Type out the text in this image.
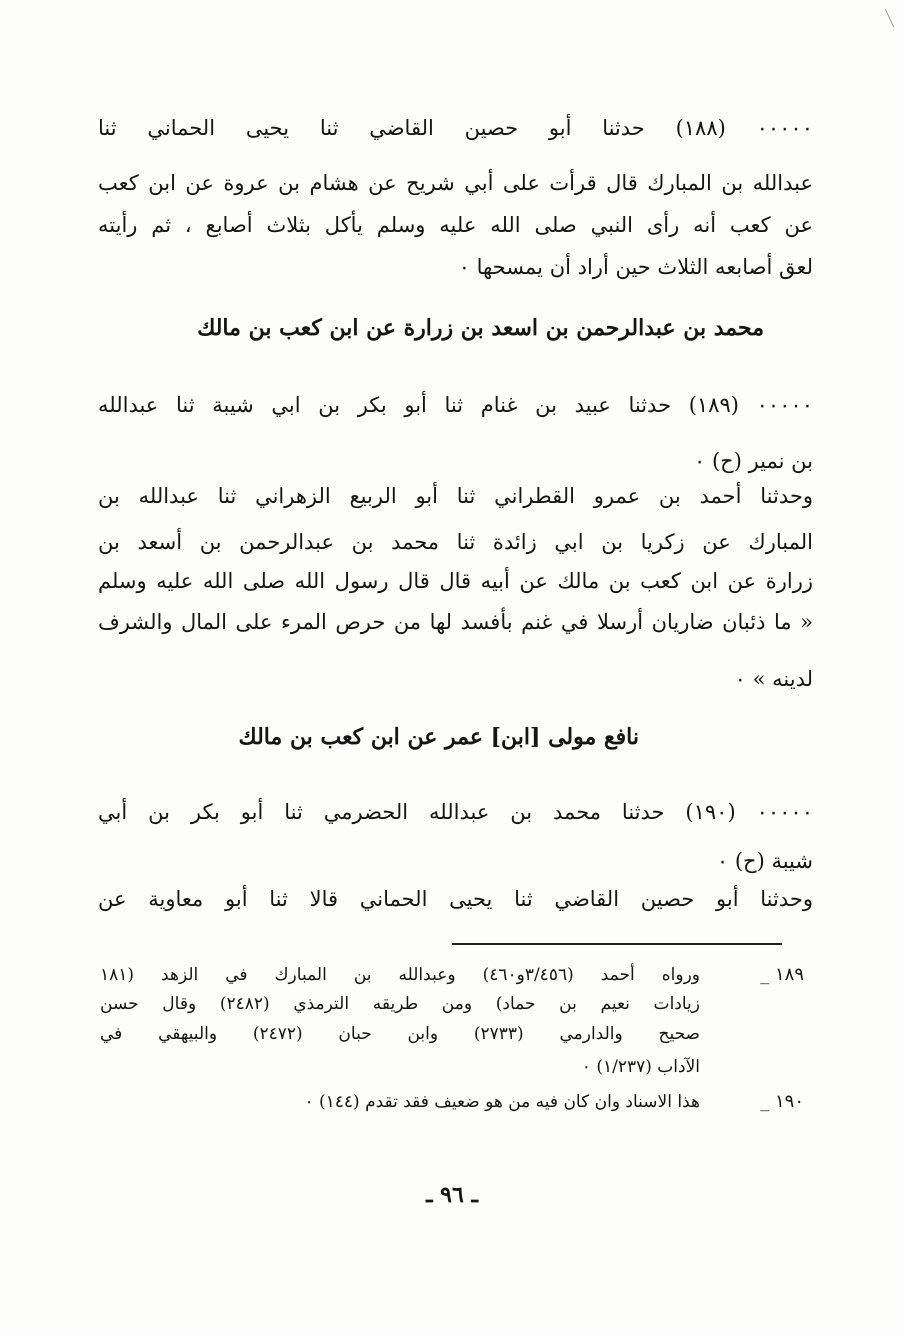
٠٠٠٠٠ (١٨٨) حدثنا أبو حصين القاضي ثنا يحيى الحماني ثنا
عبدالله بن المبارك قال قرأت على أبي شريح عن هشام بن عروة عن ابن كعب
عن كعب أنه رأى النبي صلى الله عليه وسلم يأكل بثلاث أصابع ، ثم رأيته
لعق أصابعه الثلاث حين أراد أن يمسحها ٠
محمد بن عبدالرحمن بن اسعد بن زرارة عن ابن كعب بن مالك
٠٠٠٠٠ (١٨٩) حدثنا عبيد بن غنام ثنا أبو بكر بن ابي شيبة ثنا عبدالله
بن نمير (ح) ٠
وحدثنا أحمد بن عمرو القطراني ثنا أبو الربيع الزهراني ثنا عبدالله بن
المبارك عن زكريا بن ابي زائدة ثنا محمد بن عبدالرحمن بن أسعد بن
زرارة عن ابن كعب بن مالك عن أبيه قال قال رسول الله صلى الله عليه وسلم
« ما ذئبان ضاريان أرسلا في غنم بأفسد لها من حرص المرء على المال والشرف
لدينه » ٠
نافع مولى [ابن] عمر عن ابن كعب بن مالك
٠٠٠٠٠ (١٩٠) حدثنا محمد بن عبدالله الحضرمي ثنا أبو بكر بن أبي
شيبة (ح) ٠
وحدثنا أبو حصين القاضي ثنا يحيى الحماني قالا ثنا أبو معاوية عن
١٨٩ _
ورواه أحمد (٣/٤٥٦و٤٦٠) وعبدالله بن المبارك في الزهد (١٨١
زيادات نعيم بن حماد) ومن طريقه الترمذي (٢٤٨٢) وقال حسن
صحيح والدارمي (٢٧٣٣) وابن حبان (٢٤٧٢) والبيهقي في
الآداب (١/٢٣٧) ٠
١٩٠ _
هذا الاسناد وان كان فيه من هو ضعيف فقد تقدم (١٤٤) ٠
ـ ٩٦ ـ
